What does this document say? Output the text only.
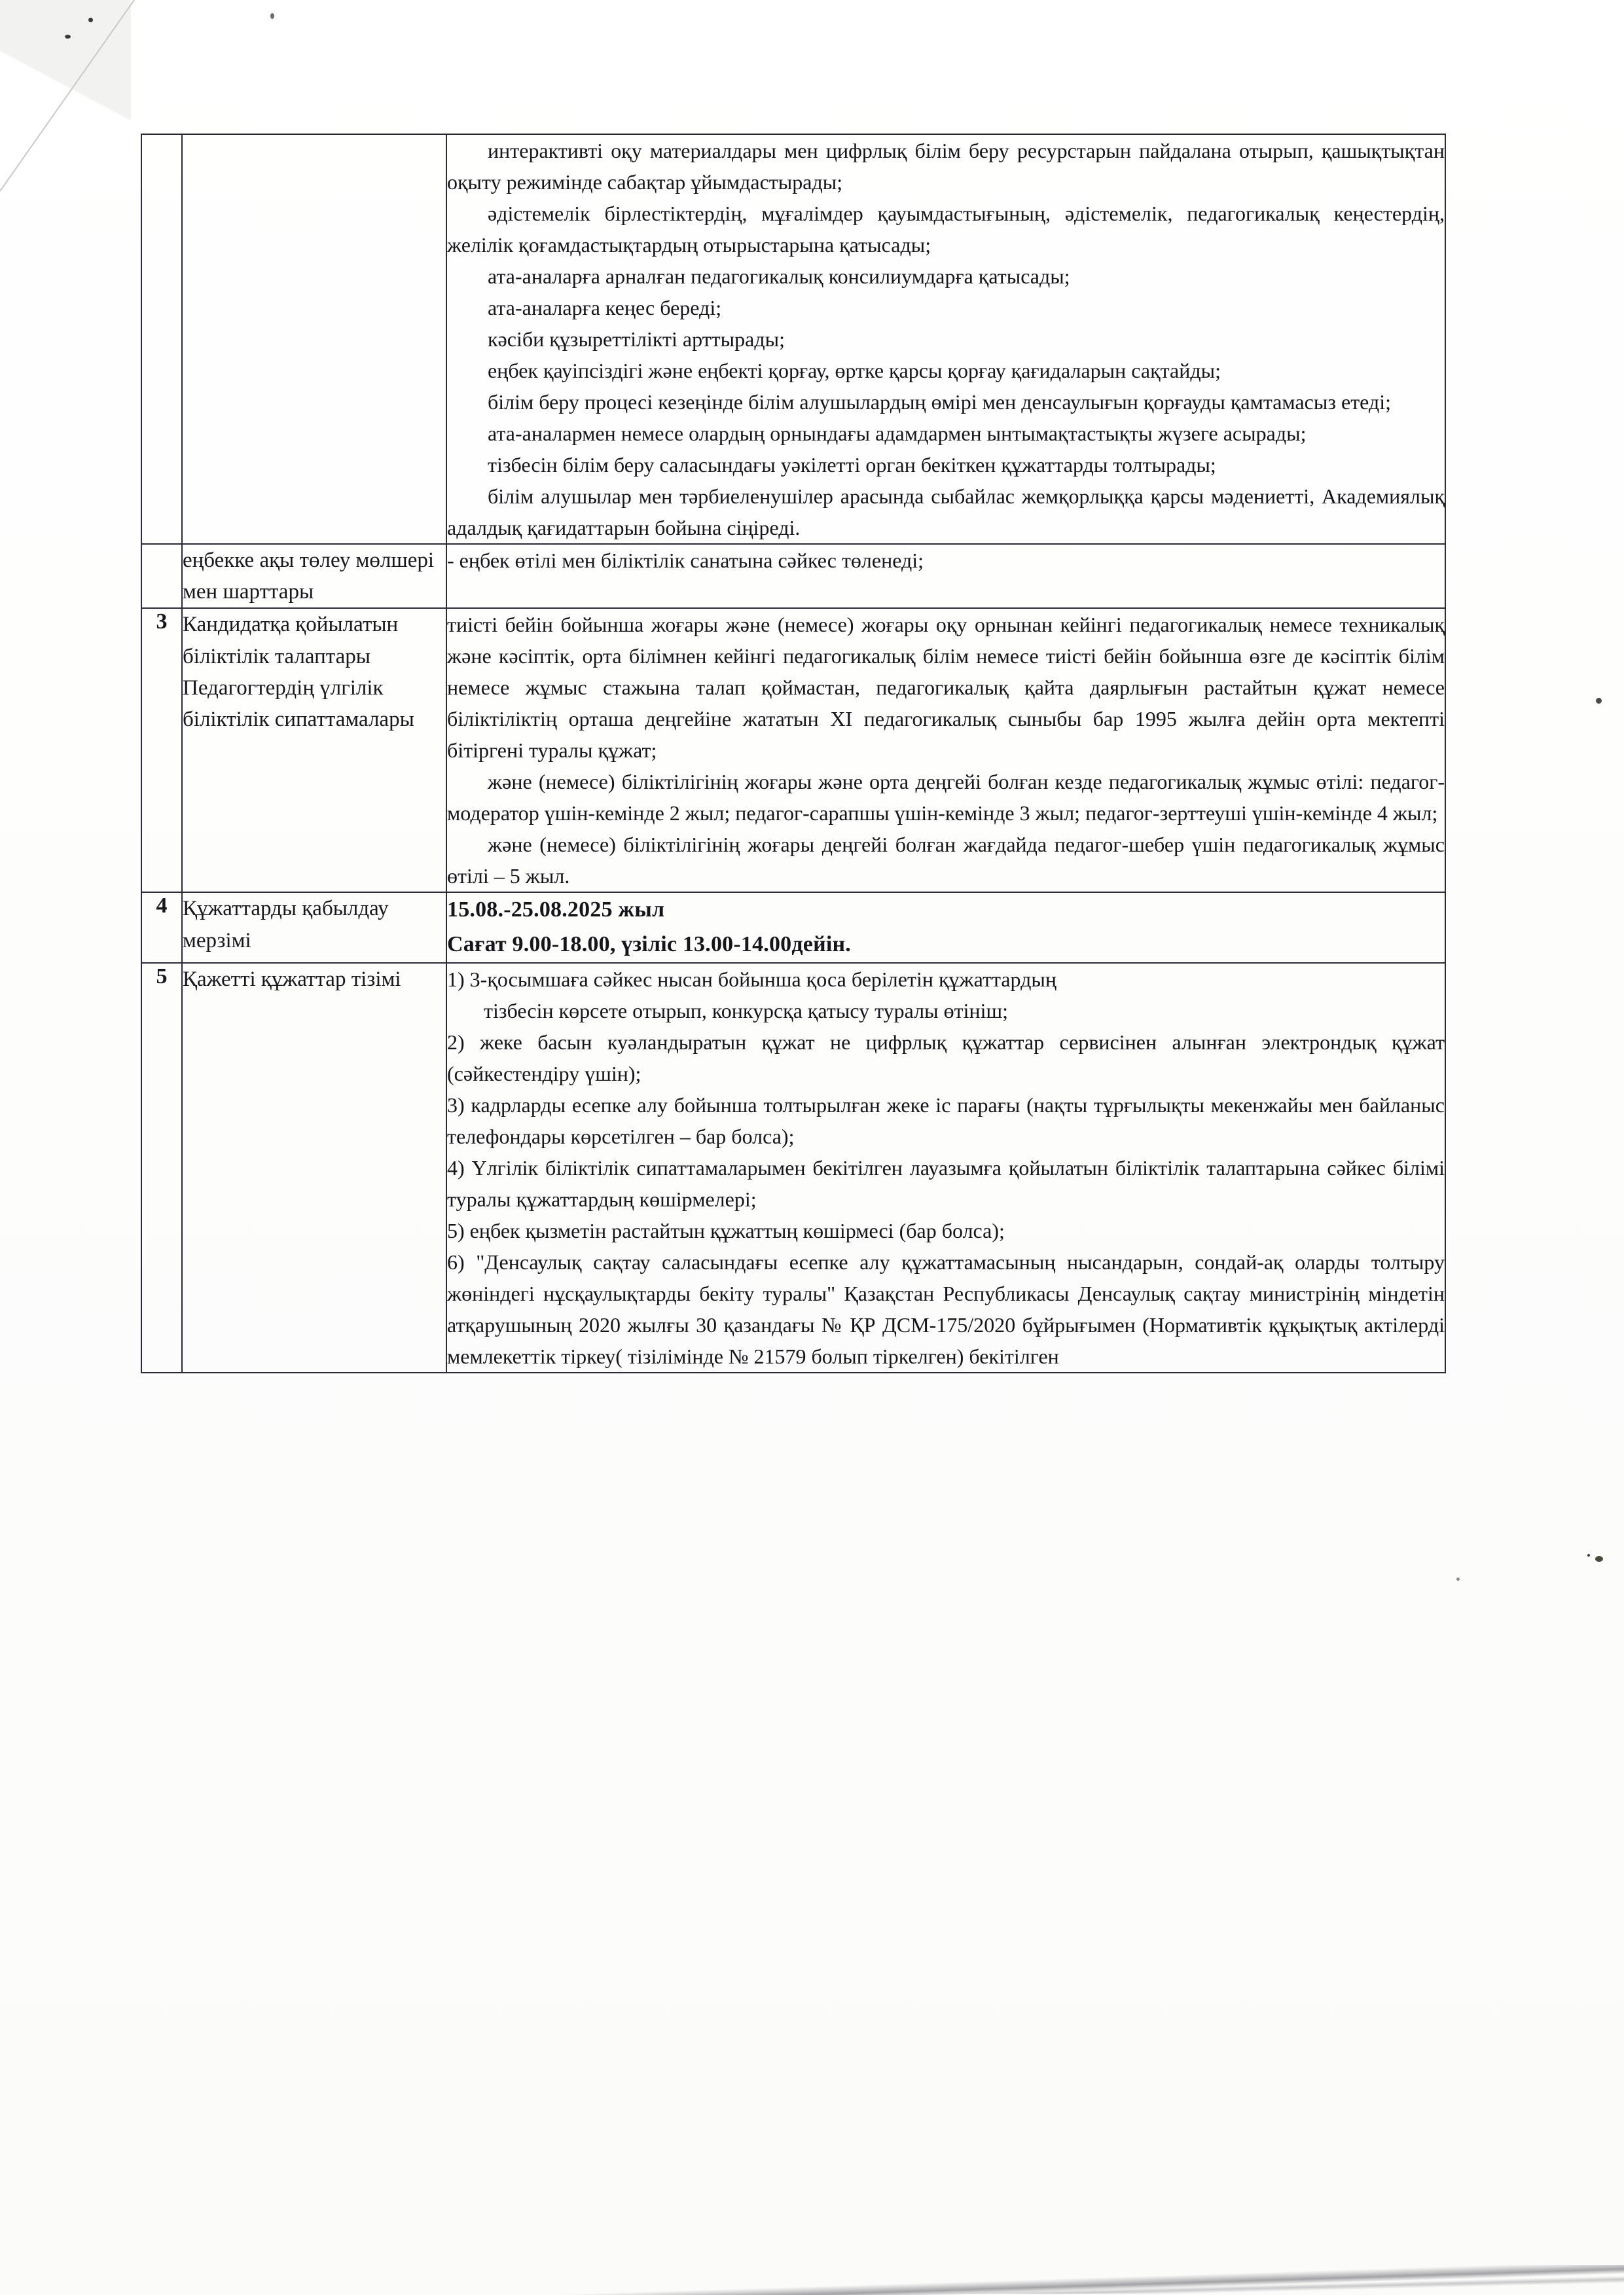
интерактивті оқу материалдары мен цифрлық білім беру ресурстарын пайдалана отырып, қашықтықтан оқыту режимінде сабақтар ұйымдастырады;

әдістемелік бірлестіктердің, мұғалімдер қауымдастығының, әдістемелік, педагогикалық кеңестердің, желілік қоғамдастықтардың отырыстарына қатысады;

ата-аналарға арналған педагогикалық консилиумдарға қатысады;

ата-аналарға кеңес береді;

кәсіби құзыреттілікті арттырады;

еңбек қауіпсіздігі және еңбекті қорғау, өртке қарсы қорғау қағидаларын сақтайды;

білім беру процесі кезеңінде білім алушылардың өмірі мен денсаулығын қорғауды қамтамасыз етеді;

ата-аналармен немесе олардың орнындағы адамдармен ынтымақтастықты жүзеге асырады;

тізбесін білім беру саласындағы уәкілетті орган бекіткен құжаттарды толтырады;

білім алушылар мен тәрбиеленушілер арасында сыбайлас жемқорлыққа қарсы мәдениетті, Академиялық адалдық қағидаттарын бойына сіңіреді.

	еңбекке ақы төлеу мөлшері мен шарттары	- еңбек өтілі мен біліктілік санатына сәйкес төленеді;

3	Кандидатқа қойылатын біліктілік талаптары Педагогтердің үлгілік біліктілік сипаттамалары	тиісті бейін бойынша жоғары және (немесе) жоғары оқу орнынан кейінгі педагогикалық немесе техникалық және кәсіптік, орта білімнен кейінгі педагогикалық білім немесе тиісті бейін бойынша өзге де кәсіптік білім немесе жұмыс стажына талап қоймастан, педагогикалық қайта даярлығын растайтын құжат немесе біліктіліктің орташа деңгейіне жататын XI педагогикалық сыныбы бар 1995 жылға дейін орта мектепті бітіргені туралы құжат;

және (немесе) біліктілігінің жоғары және орта деңгейі болған кезде педагогикалық жұмыс өтілі: педагог-модератор үшін-кемінде 2 жыл; педагог-сарапшы үшін-кемінде 3 жыл; педагог-зерттеуші үшін-кемінде 4 жыл;

және (немесе) біліктілігінің жоғары деңгейі болған жағдайда педагог-шебер үшін педагогикалық жұмыс өтілі – 5 жыл.

4	Құжаттарды қабылдау мерзімі	15.08.-25.08.2025 жыл

Сағат 9.00-18.00, үзіліс 13.00-14.00дейін.

5	Қажетті құжаттар тізімі	1) 3-қосымшаға сәйкес нысан бойынша қоса берілетін құжаттардың

тізбесін көрсете отырып, конкурсқа қатысу туралы өтініш;

2) жеке басын куәландыратын құжат не цифрлық құжаттар сервисінен алынған электрондық құжат (сәйкестендіру үшін);

3) кадрларды есепке алу бойынша толтырылған жеке іс парағы (нақты тұрғылықты мекенжайы мен байланыс телефондары көрсетілген – бар болса);

4) Үлгілік біліктілік сипаттамаларымен бекітілген лауазымға қойылатын біліктілік талаптарына сәйкес білімі туралы құжаттардың көшірмелері;

5) еңбек қызметін растайтын құжаттың көшірмесі (бар болса);

6) "Денсаулық сақтау саласындағы есепке алу құжаттамасының нысандарын, сондай-ақ оларды толтыру жөніндегі нұсқаулықтарды бекіту туралы" Қазақстан Республикасы Денсаулық сақтау министрінің міндетін атқарушының 2020 жылғы 30 қазандағы № ҚР ДСМ-175/2020 бұйрығымен (Нормативтік құқықтық актілерді мемлекеттік тіркеу( тізілімінде № 21579 болып тіркелген) бекітілген
